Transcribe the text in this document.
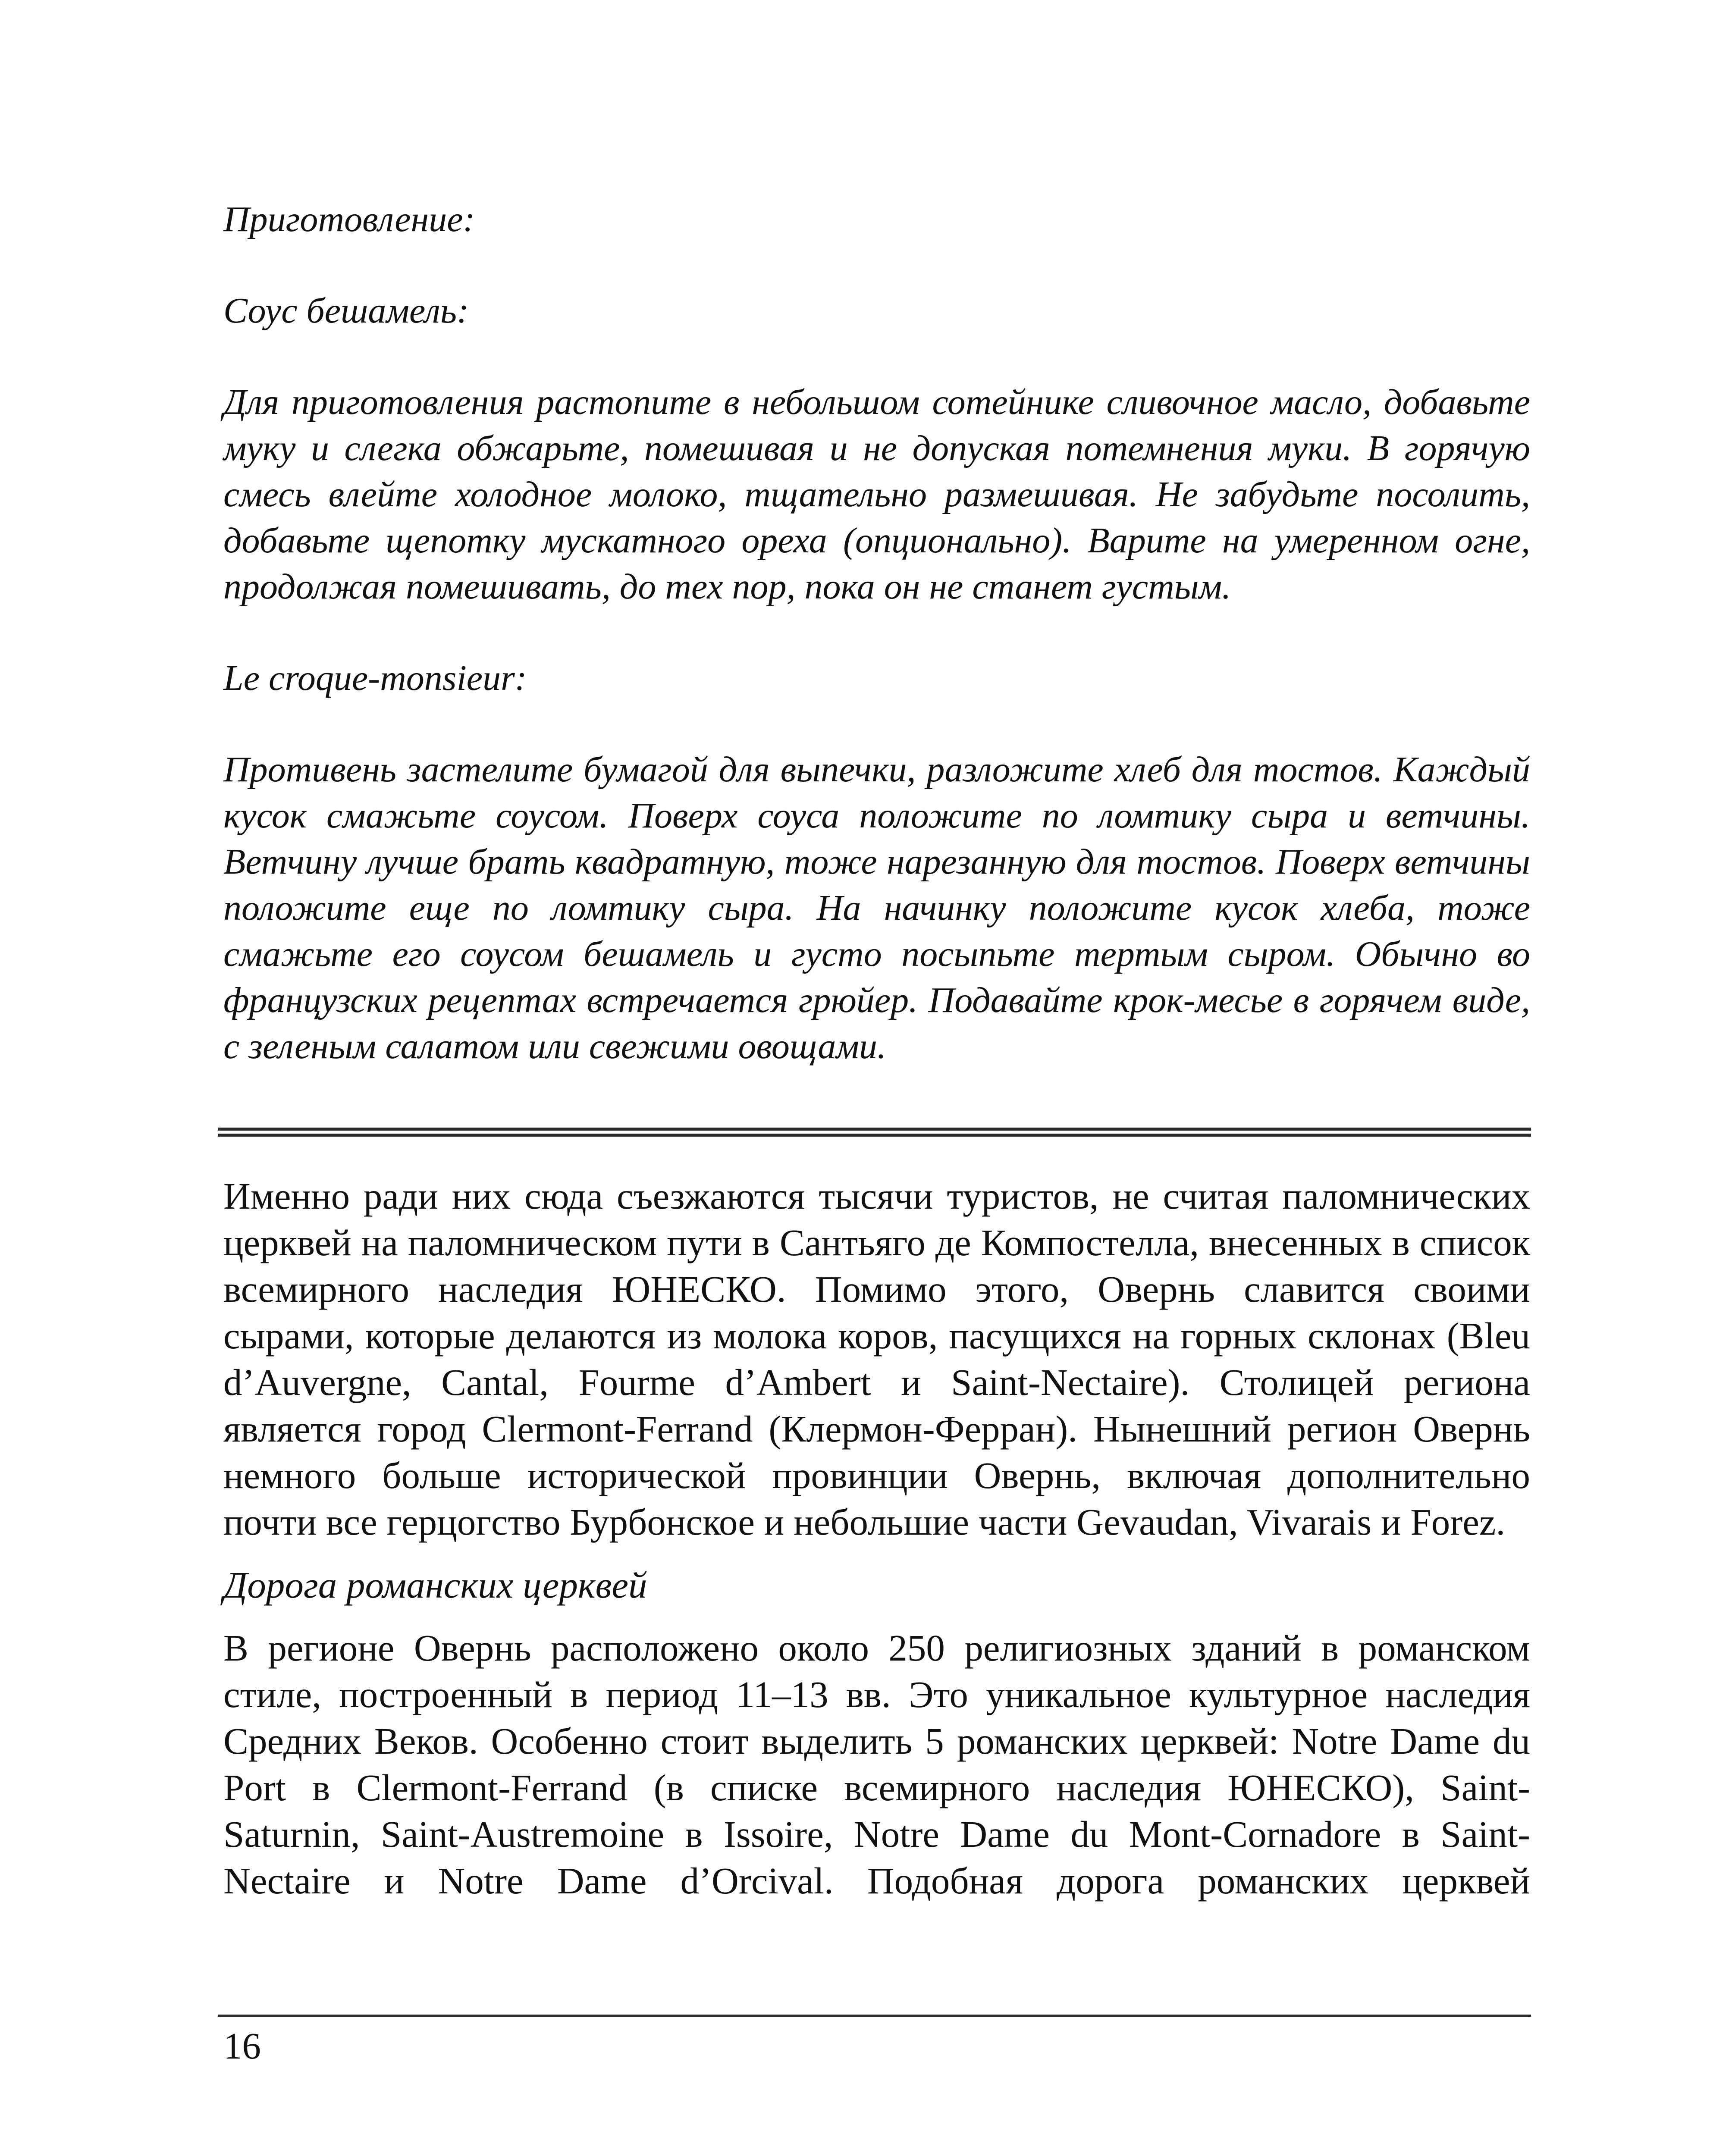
Приготовление:

Соус бешамель:

Для приготовления растопите в небольшом сотейнике сливочное масло, добавьте муку и слегка обжарьте, помешивая и не допуская потемнения муки. В горячую смесь влейте холодное молоко, тщательно размешивая. Не забудьте посолить, добавьте щепотку мускатного ореха (опционально). Варите на умеренном огне, продолжая помешивать, до тех пор, пока он не станет густым.

Le croque-monsieur:

Противень застелите бумагой для выпечки, разложите хлеб для тостов. Каждый кусок смажьте соусом. Поверх соуса положите по ломтику сыра и ветчины. Ветчину лучше брать квадратную, тоже нарезанную для тостов. Поверх ветчины положите еще по ломтику сыра. На начинку положите кусок хлеба, тоже смажьте его соусом бешамель и густо посыпьте тертым сыром. Обычно во французских рецептах встречается грюйер. Подавайте крок-месье в горячем виде, с зеленым салатом или свежими овощами.

Именно ради них сюда съезжаются тысячи туристов, не считая паломнических церквей на паломническом пути в Сантьяго де Компостелла, внесенных в список всемирного наследия ЮНЕСКО. Помимо этого, Овернь славится своими сырами, которые делаются из молока коров, пасущихся на горных склонах (Bleu d’Auvergne, Cantal, Fourme d’Ambert и Saint-Nectaire). Столицей региона является город Clermont-Ferrand (Клермон-Ферран). Нынешний регион Овернь немного больше исторической провинции Овернь, включая дополнительно почти все герцогство Бурбонское и небольшие части Gevaudan, Vivarais и Forez.

Дорога романских церквей

В регионе Овернь расположено около 250 религиозных зданий в романском стиле, построенный в период 11–13 вв. Это уникальное культурное наследия Средних Веков. Особенно стоит выделить 5 романских церквей: Notre Dame du Port в Clermont-Ferrand (в списке всемирного наследия ЮНЕСКО), Saint-Saturnin, Saint-Austremoine в Issoire, Notre Dame du Mont-Cornadore в Saint-Nectaire и Notre Dame d’Orcival. Подобная дорога романских церквей

16
